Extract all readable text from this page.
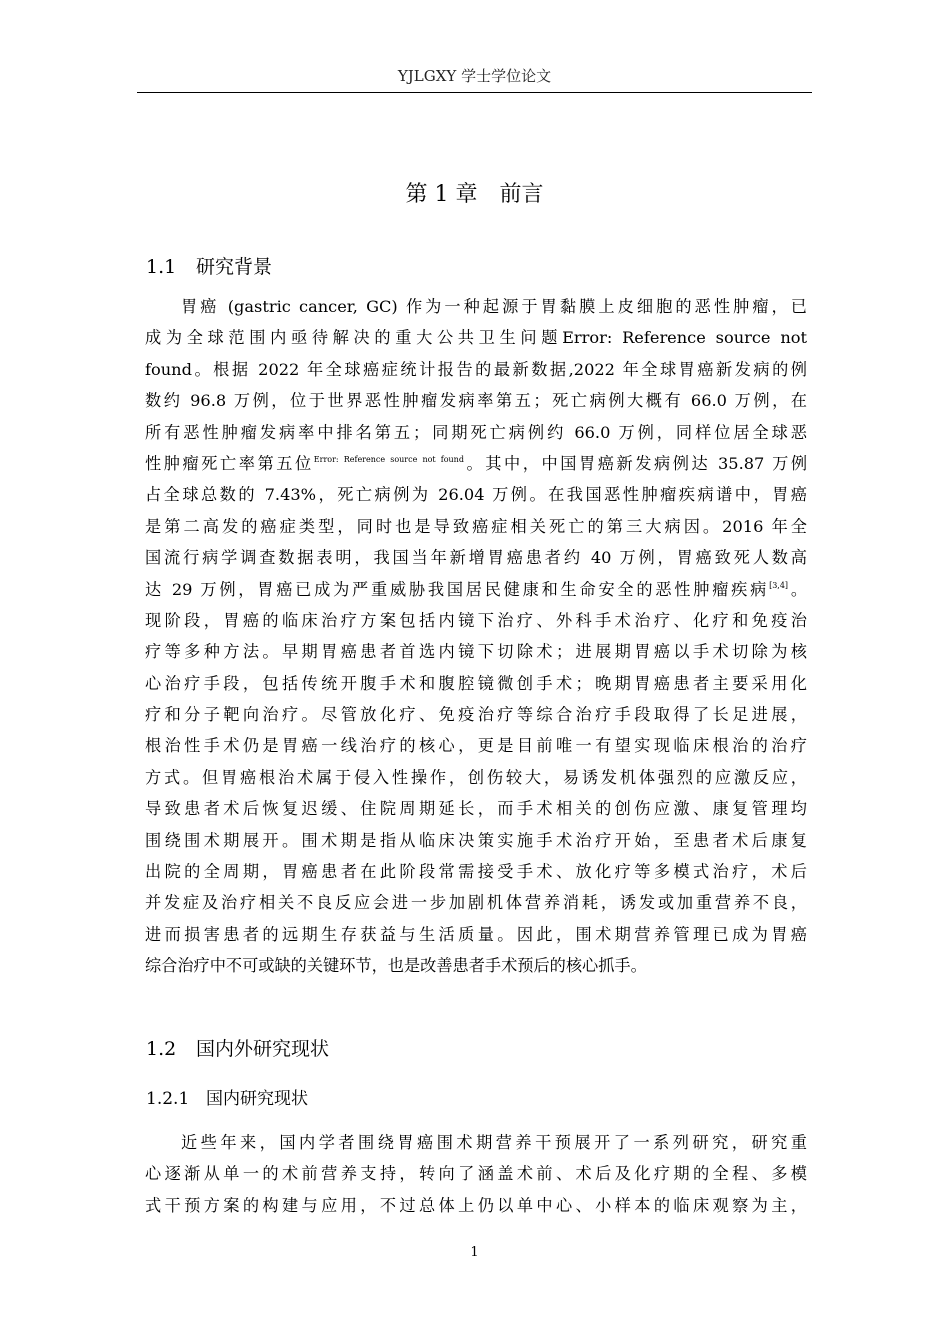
YJLGXY 学士学位论文
第 1 章 前言
1.1 研究背景
胃癌 (gastric cancer, GC) 作为一种起源于胃黏膜上皮细胞的恶性肿瘤，已
成为全球范围内亟待解决的重大公共卫生问题Error: Reference source not
found。根据 2022 年全球癌症统计报告的最新数据,2022 年全球胃癌新发病的例
数约 96.8 万例，位于世界恶性肿瘤发病率第五；死亡病例大概有 66.0 万例，在
所有恶性肿瘤发病率中排名第五；同期死亡病例约 66.0 万例，同样位居全球恶
性肿瘤死亡率第五位$^{Error: Reference source not found}$。其中，中国胃癌新发病例达 35.87 万例
占全球总数的 7.43%，死亡病例为 26.04 万例。在我国恶性肿瘤疾病谱中，胃癌
是第二高发的癌症类型，同时也是导致癌症相关死亡的第三大病因。2016 年全
国流行病学调查数据表明，我国当年新增胃癌患者约 40 万例，胃癌致死人数高
达 29 万例，胃癌已成为严重威胁我国居民健康和生命安全的恶性肿瘤疾病[3,4]。
现阶段，胃癌的临床治疗方案包括内镜下治疗、外科手术治疗、化疗和免疫治
疗等多种方法。早期胃癌患者首选内镜下切除术；进展期胃癌以手术切除为核
心治疗手段，包括传统开腹手术和腹腔镜微创手术；晚期胃癌患者主要采用化
疗和分子靶向治疗。尽管放化疗、免疫治疗等综合治疗手段取得了长足进展，
根治性手术仍是胃癌一线治疗的核心，更是目前唯一有望实现临床根治的治疗
方式。但胃癌根治术属于侵入性操作，创伤较大，易诱发机体强烈的应激反应，
导致患者术后恢复迟缓、住院周期延长，而手术相关的创伤应激、康复管理均
围绕围术期展开。围术期是指从临床决策实施手术治疗开始，至患者术后康复
出院的全周期，胃癌患者在此阶段常需接受手术、放化疗等多模式治疗，术后
并发症及治疗相关不良反应会进一步加剧机体营养消耗，诱发或加重营养不良，
进而损害患者的远期生存获益与生活质量。因此，围术期营养管理已成为胃癌
综合治疗中不可或缺的关键环节，也是改善患者手术预后的核心抓手。
1.2 国内外研究现状
1.2.1 国内研究现状
近些年来，国内学者围绕胃癌围术期营养干预展开了一系列研究，研究重
心逐渐从单一的术前营养支持，转向了涵盖术前、术后及化疗期的全程、多模
式干预方案的构建与应用，不过总体上仍以单中心、小样本的临床观察为主，
1
